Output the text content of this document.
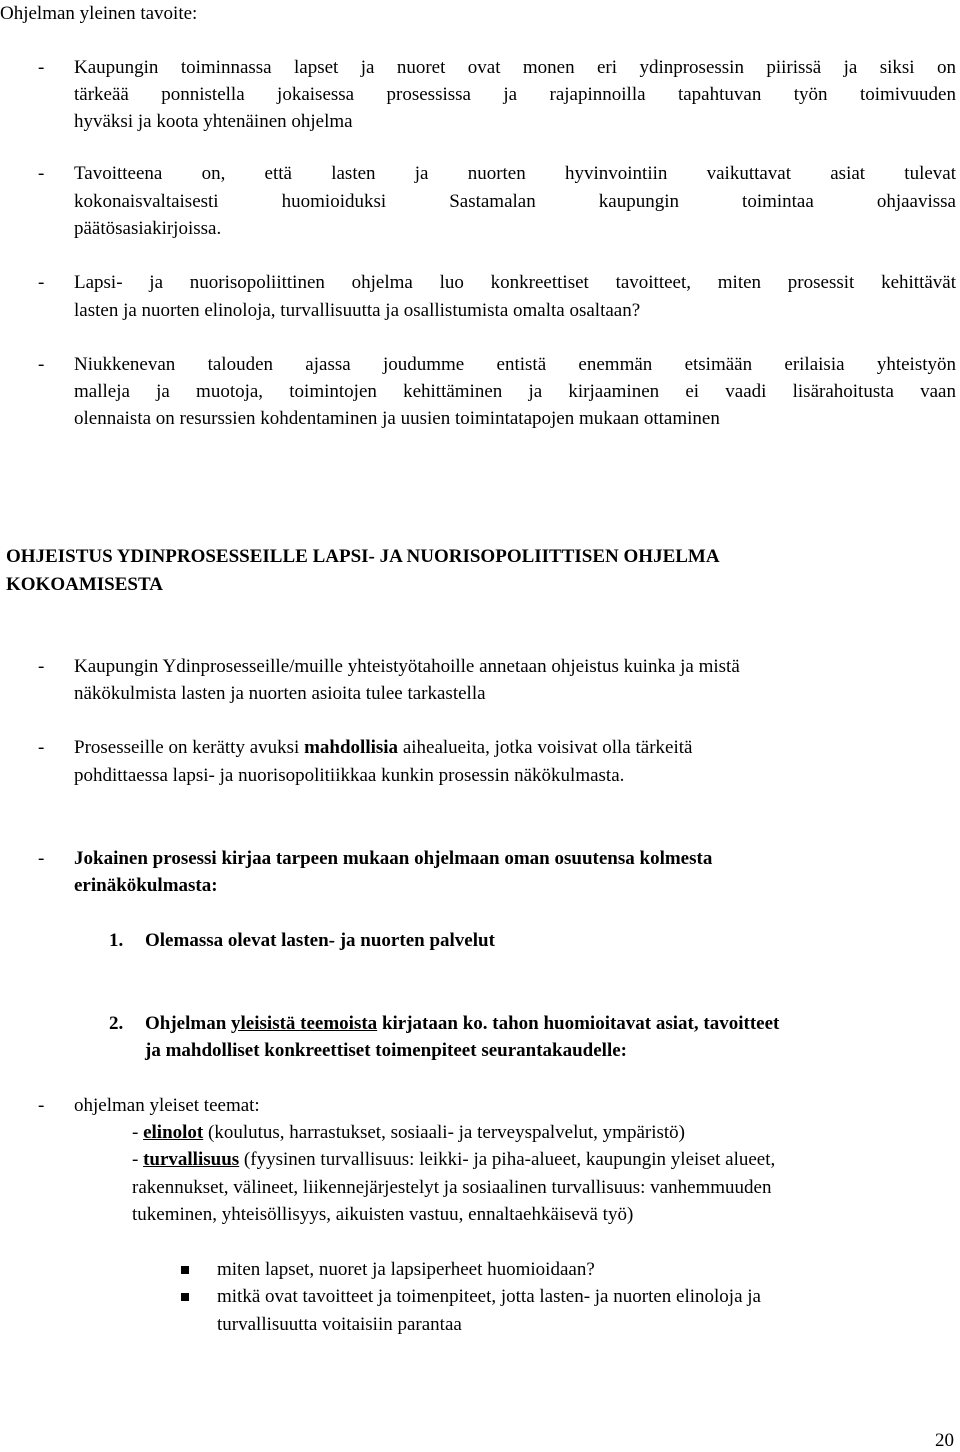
Ohjelman yleinen tavoite:
- Kaupungin toiminnassa lapset ja nuoret ovat monen eri ydinprosessin piirissä ja siksi on
tärkeää ponnistella jokaisessa prosessissa ja rajapinnoilla tapahtuvan työn toimivuuden
hyväksi ja koota yhtenäinen ohjelma
- Tavoitteena on, että lasten ja nuorten hyvinvointiin vaikuttavat asiat tulevat
kokonaisvaltaisesti huomioiduksi Sastamalan kaupungin toimintaa ohjaavissa
päätösasiakirjoissa.
- Lapsi- ja nuorisopoliittinen ohjelma luo konkreettiset tavoitteet, miten prosessit kehittävät
lasten ja nuorten elinoloja, turvallisuutta ja osallistumista omalta osaltaan?
- Niukkenevan talouden ajassa joudumme entistä enemmän etsimään erilaisia yhteistyön
malleja ja muotoja, toimintojen kehittäminen ja kirjaaminen ei vaadi lisärahoitusta vaan
olennaista on resurssien kohdentaminen ja uusien toimintatapojen mukaan ottaminen
OHJEISTUS YDINPROSESSEILLE LAPSI- JA NUORISOPOLIITTISEN OHJELMA
KOKOAMISESTA
- Kaupungin Ydinprosesseille/muille yhteistyötahoille annetaan ohjeistus kuinka ja mistä
näkökulmista lasten ja nuorten asioita tulee tarkastella
- Prosesseille on kerätty avuksi mahdollisia aihealueita, jotka voisivat olla tärkeitä
pohdittaessa lapsi- ja nuorisopolitiikkaa kunkin prosessin näkökulmasta.
- Jokainen prosessi kirjaa tarpeen mukaan ohjelmaan oman osuutensa kolmesta
erinäkökulmasta:
1. Olemassa olevat lasten- ja nuorten palvelut
2. Ohjelman yleisistä teemoista kirjataan ko. tahon huomioitavat asiat, tavoitteet
ja mahdolliset konkreettiset toimenpiteet seurantakaudelle:
- ohjelman yleiset teemat:
- elinolot (koulutus, harrastukset, sosiaali- ja terveyspalvelut, ympäristö)
- turvallisuus (fyysinen turvallisuus: leikki- ja piha-alueet, kaupungin yleiset alueet,
rakennukset, välineet, liikennejärjestelyt ja sosiaalinen turvallisuus: vanhemmuuden
tukeminen, yhteisöllisyys, aikuisten vastuu, ennaltaehkäisevä työ)
miten lapset, nuoret ja lapsiperheet huomioidaan?
mitkä ovat tavoitteet ja toimenpiteet, jotta lasten- ja nuorten elinoloja ja
turvallisuutta voitaisiin parantaa
20
